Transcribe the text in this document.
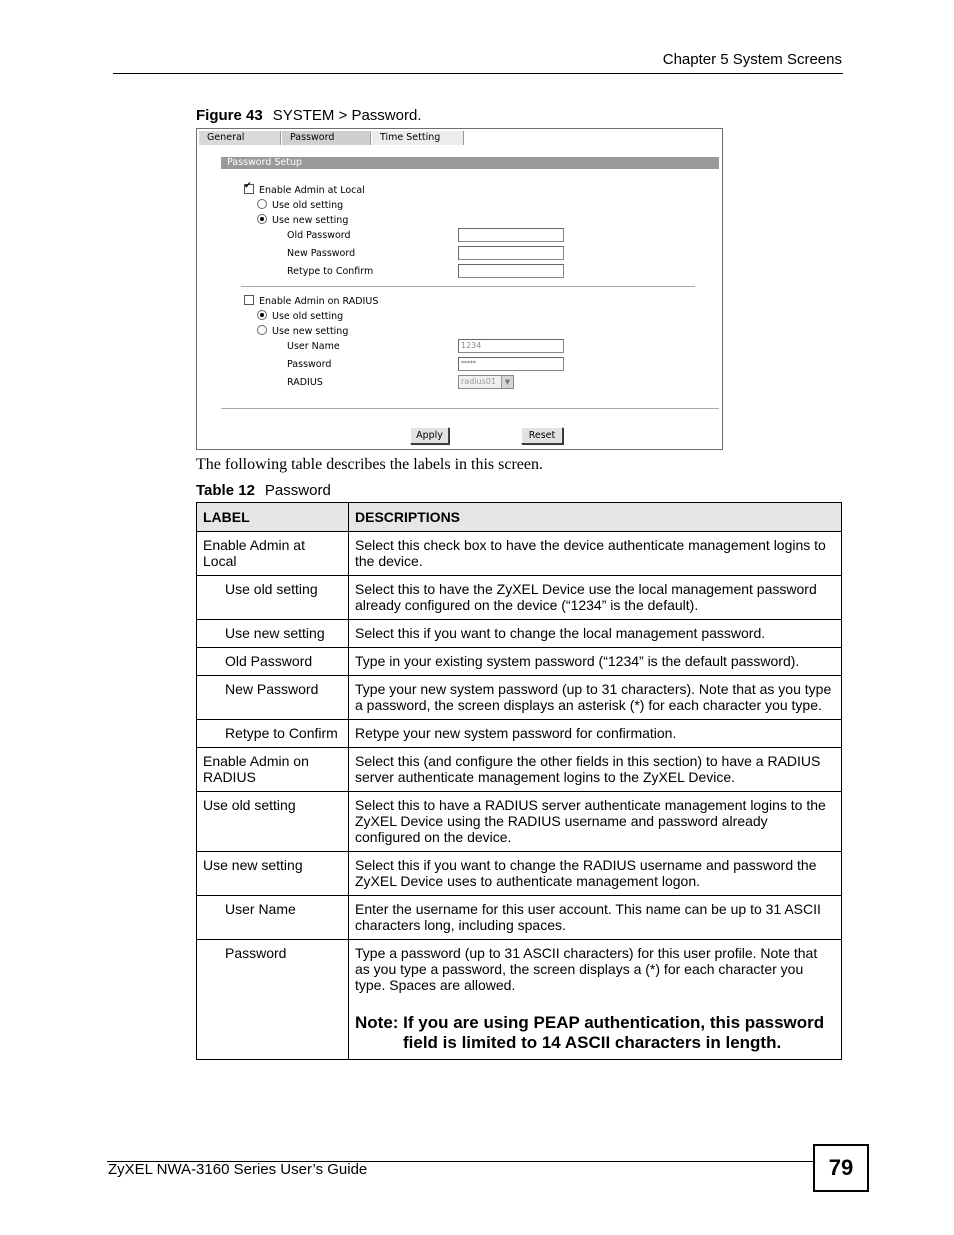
Chapter 5 System Screens
Figure 43 SYSTEM > Password.
General	Password	Time Setting
Password Setup
✔Enable Admin at Local
Use old setting
Use new setting
Old Password
New Password
Retype to Confirm
Enable Admin on RADIUS
Use old setting
Use new setting
User Name	1234
Password	*****
RADIUS	radius01	▼
Apply	Reset
The following table describes the labels in this screen.
Table 12 Password
LABEL	DESCRIPTIONS
Enable Admin at Local	Select this check box to have the device authenticate management logins to the device.
Use old setting	Select this to have the ZyXEL Device use the local management password already configured on the device (“1234” is the default).
Use new setting	Select this if you want to change the local management password.
Old Password	Type in your existing system password (“1234” is the default password).
New Password	Type your new system password (up to 31 characters). Note that as you type a password, the screen displays an asterisk (*) for each character you type.
Retype to Confirm	Retype your new system password for confirmation.
Enable Admin on RADIUS	Select this (and configure the other fields in this section) to have a RADIUS server authenticate management logins to the ZyXEL Device.
Use old setting	Select this to have a RADIUS server authenticate management logins to the ZyXEL Device using the RADIUS username and password already configured on the device.
Use new setting	Select this if you want to change the RADIUS username and password the ZyXEL Device uses to authenticate management logon.
User Name	Enter the username for this user account. This name can be up to 31 ASCII characters long, including spaces.
Password	Type a password (up to 31 ASCII characters) for this user profile. Note that as you type a password, the screen displays a (*) for each character you type. Spaces are allowed.

Note: If you are using PEAP authentication, this password field is limited to 14 ASCII characters in length.

ZyXEL NWA-3160 Series User’s Guide	79
